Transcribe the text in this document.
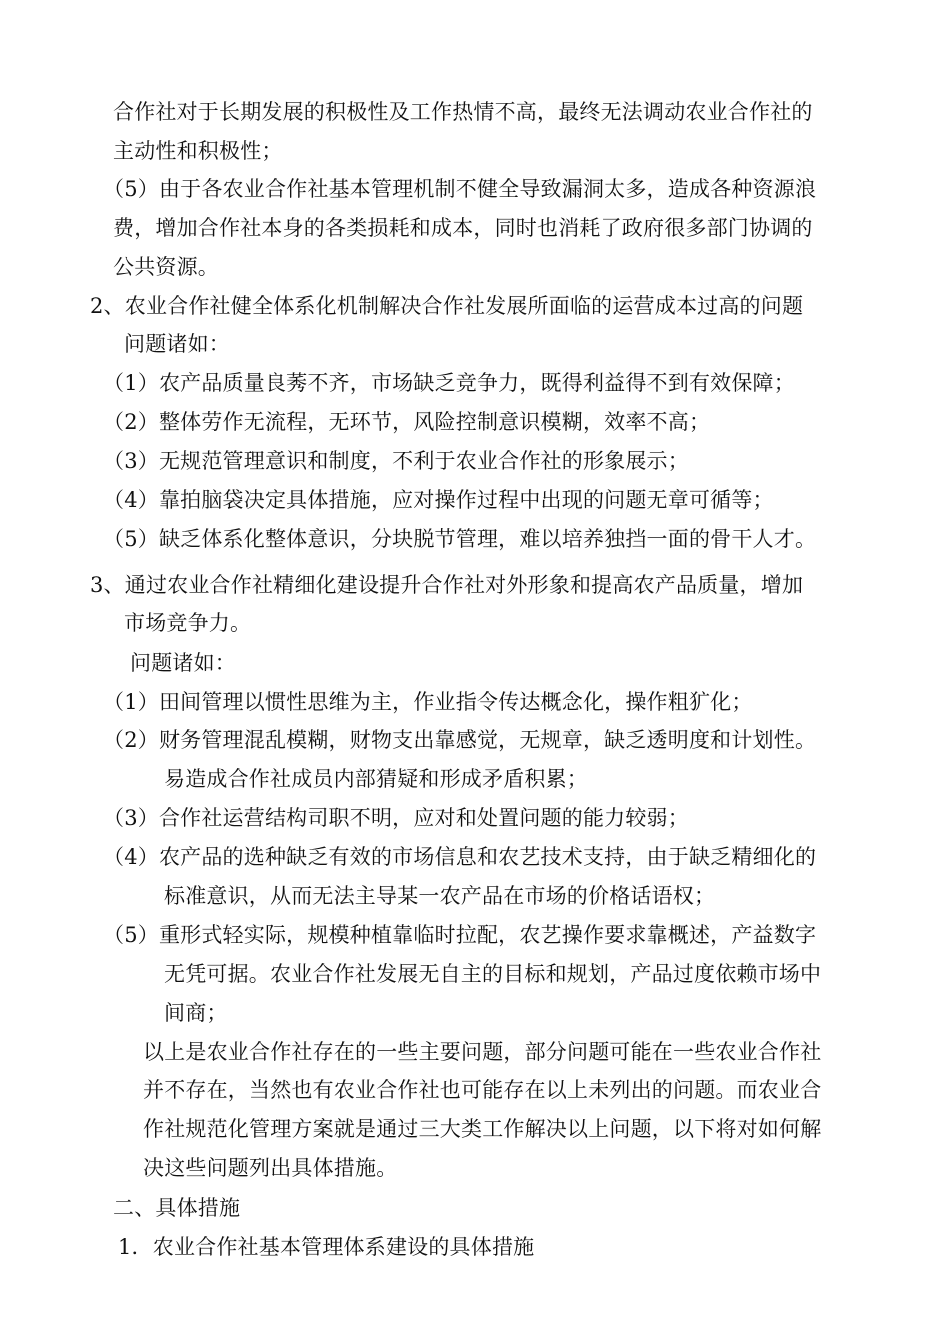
合作社对于长期发展的积极性及工作热情不高，最终无法调动农业合作社的
主动性和积极性；
（5）由于各农业合作社基本管理机制不健全导致漏洞太多，造成各种资源浪
费，增加合作社本身的各类损耗和成本，同时也消耗了政府很多部门协调的
公共资源。
2、农业合作社健全体系化机制解决合作社发展所面临的运营成本过高的问题
问题诸如：
（1）农产品质量良莠不齐，市场缺乏竞争力，既得利益得不到有效保障；
（2）整体劳作无流程，无环节，风险控制意识模糊，效率不高；
（3）无规范管理意识和制度，不利于农业合作社的形象展示；
（4）靠拍脑袋决定具体措施，应对操作过程中出现的问题无章可循等；
（5）缺乏体系化整体意识，分块脱节管理，难以培养独挡一面的骨干人才。
3、通过农业合作社精细化建设提升合作社对外形象和提高农产品质量，增加
市场竞争力。
问题诸如：
（1）田间管理以惯性思维为主，作业指令传达概念化，操作粗犷化；
（2）财务管理混乱模糊，财物支出靠感觉，无规章，缺乏透明度和计划性。
易造成合作社成员内部猜疑和形成矛盾积累；
（3）合作社运营结构司职不明，应对和处置问题的能力较弱；
（4）农产品的选种缺乏有效的市场信息和农艺技术支持，由于缺乏精细化的
标准意识，从而无法主导某一农产品在市场的价格话语权；
（5）重形式轻实际，规模种植靠临时拉配，农艺操作要求靠概述，产益数字
无凭可据。农业合作社发展无自主的目标和规划，产品过度依赖市场中
间商；
以上是农业合作社存在的一些主要问题，部分问题可能在一些农业合作社
并不存在，当然也有农业合作社也可能存在以上未列出的问题。而农业合
作社规范化管理方案就是通过三大类工作解决以上问题，以下将对如何解
决这些问题列出具体措施。
二、具体措施
1．农业合作社基本管理体系建设的具体措施
